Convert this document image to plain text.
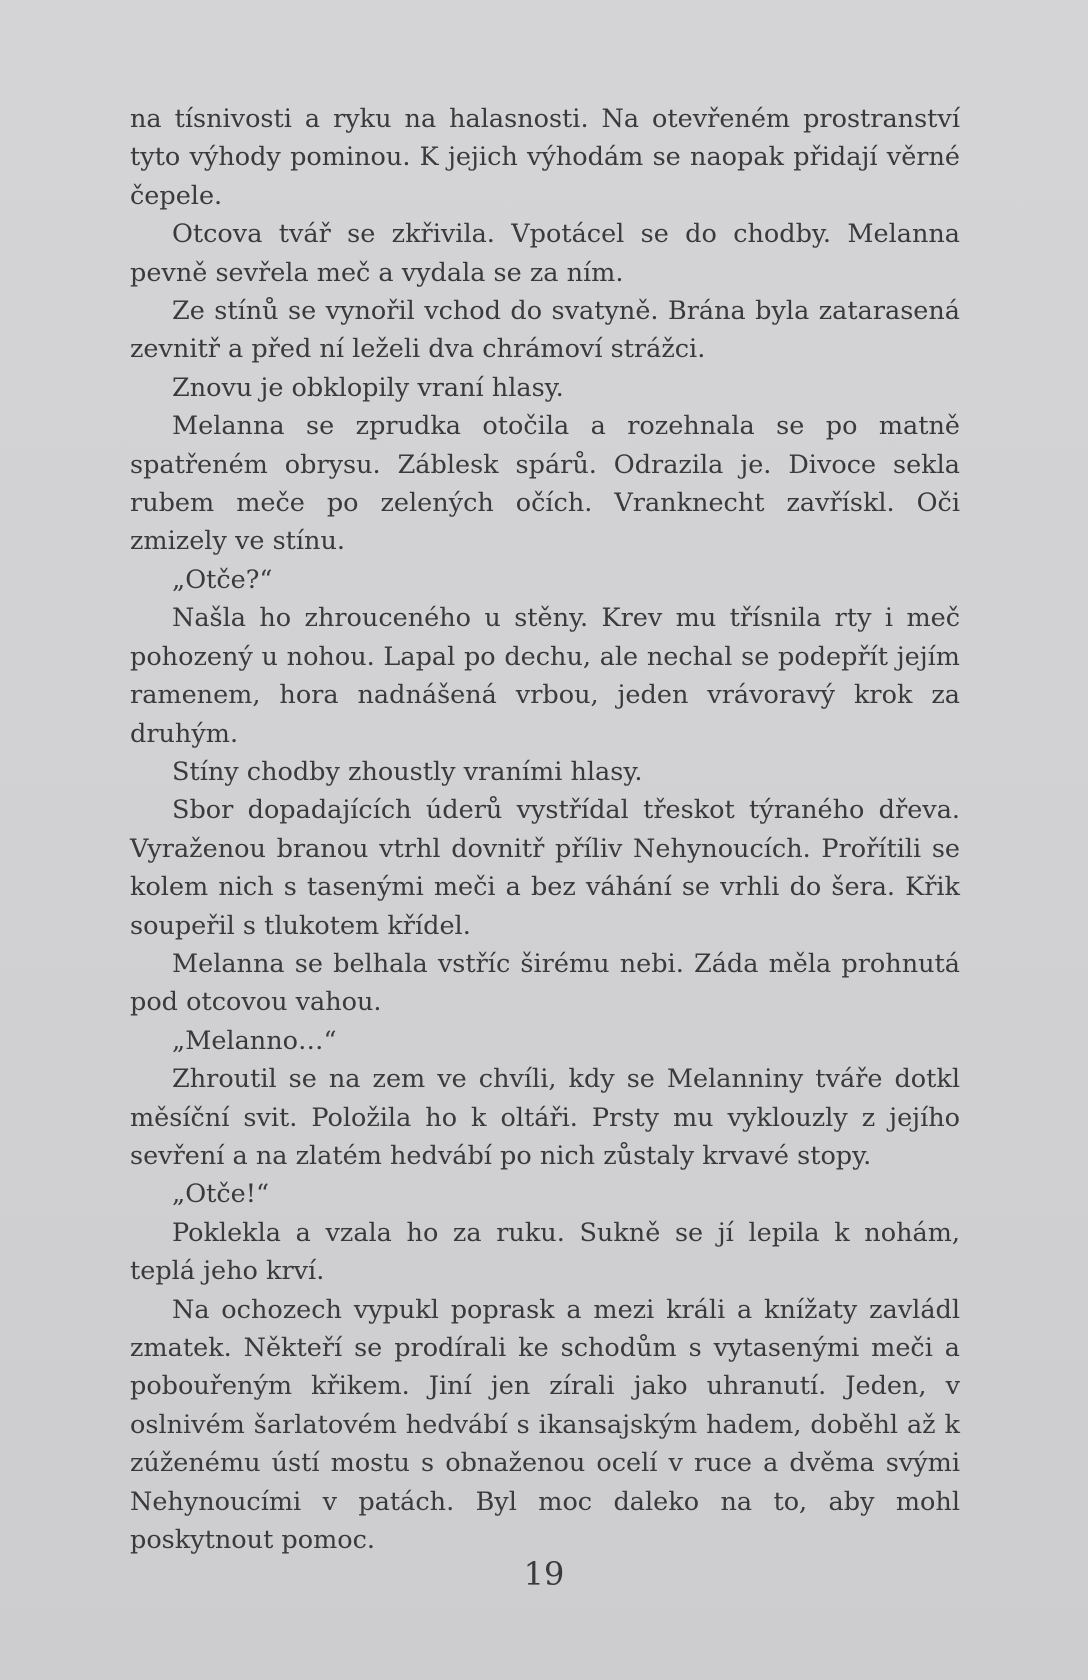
na tísnivosti a ryku na halasnosti. Na otevřeném prostranství tyto výhody pominou. K jejich výhodám se naopak přidají věrné čepele.

Otcova tvář se zkřivila. Vpotácel se do chodby. Melanna pevně sevřela meč a vydala se za ním.

Ze stínů se vynořil vchod do svatyně. Brána byla zatarasená zevnitř a před ní leželi dva chrámoví strážci.

Znovu je obklopily vraní hlasy.

Melanna se zprudka otočila a rozehnala se po matně spatřeném obrysu. Záblesk spárů. Odrazila je. Divoce sekla rubem meče po zelených očích. Vranknecht zavřískl. Oči zmizely ve stínu.

„Otče?“

Našla ho zhrouceného u stěny. Krev mu třísnila rty i meč pohozený u nohou. Lapal po dechu, ale nechal se podepřít jejím ramenem, hora nadnášená vrbou, jeden vrávoravý krok za druhým.

Stíny chodby zhoustly vraními hlasy.

Sbor dopadajících úderů vystřídal třeskot týraného dřeva. Vyraženou branou vtrhl dovnitř příliv Nehynoucích. Prořítili se kolem nich s tasenými meči a bez váhání se vrhli do šera. Křik soupeřil s tlukotem křídel.

Melanna se belhala vstříc širému nebi. Záda měla prohnutá pod otcovou vahou.

„Melanno…“

Zhroutil se na zem ve chvíli, kdy se Melanniny tváře dotkl měsíční svit. Položila ho k oltáři. Prsty mu vyklouzly z jejího sevření a na zlatém hedvábí po nich zůstaly krvavé stopy.

„Otče!“

Poklekla a vzala ho za ruku. Sukně se jí lepila k nohám, teplá jeho krví.

Na ochozech vypukl poprask a mezi králi a knížaty zavládl zmatek. Někteří se prodírali ke schodům s vytasenými meči a pobouřeným křikem. Jiní jen zírali jako uhranutí. Jeden, v oslnivém šarlatovém hedvábí s ikansajským hadem, doběhl až k zúženému ústí mostu s obnaženou ocelí v ruce a dvěma svými Nehynoucími v patách. Byl moc daleko na to, aby mohl poskytnout pomoc.

19
